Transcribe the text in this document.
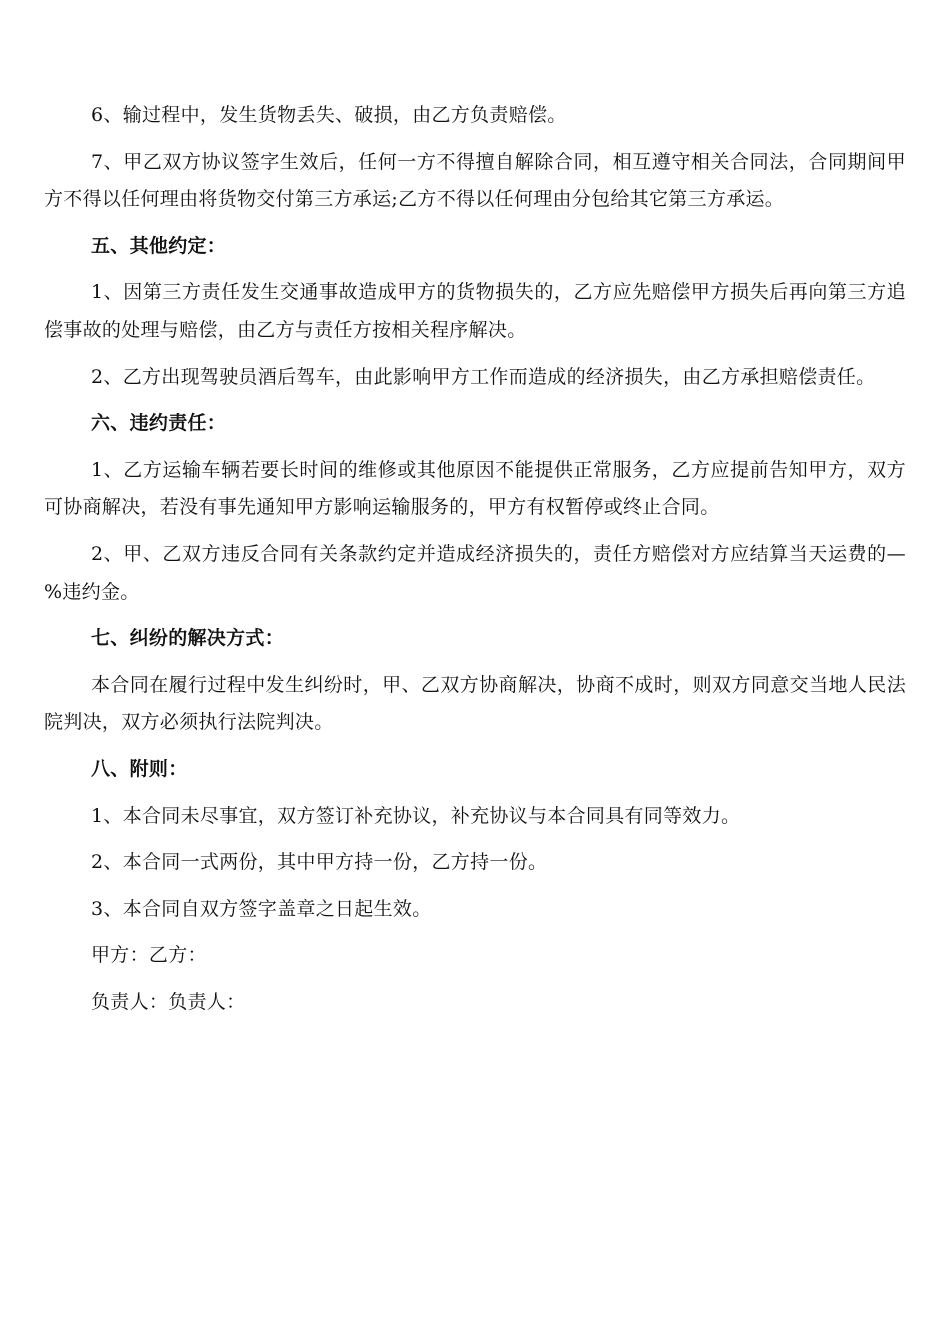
6、输过程中，发生货物丢失、破损，由乙方负责赔偿。

7、甲乙双方协议签字生效后，任何一方不得擅自解除合同，相互遵守相关合同法，合同期间甲方不得以任何理由将货物交付第三方承运;乙方不得以任何理由分包给其它第三方承运。

五、其他约定：

1、因第三方责任发生交通事故造成甲方的货物损失的，乙方应先赔偿甲方损失后再向第三方追偿事故的处理与赔偿，由乙方与责任方按相关程序解决。

2、乙方出现驾驶员酒后驾车，由此影响甲方工作而造成的经济损失，由乙方承担赔偿责任。

六、违约责任：

1、乙方运输车辆若要长时间的维修或其他原因不能提供正常服务，乙方应提前告知甲方，双方可协商解决，若没有事先通知甲方影响运输服务的，甲方有权暂停或终止合同。

2、甲、乙双方违反合同有关条款约定并造成经济损失的，责任方赔偿对方应结算当天运费的—%违约金。

七、纠纷的解决方式：

本合同在履行过程中发生纠纷时，甲、乙双方协商解决，协商不成时，则双方同意交当地人民法院判决，双方必须执行法院判决。

八、附则：

1、本合同未尽事宜，双方签订补充协议，补充协议与本合同具有同等效力。

2、本合同一式两份，其中甲方持一份，乙方持一份。

3、本合同自双方签字盖章之日起生效。

甲方：乙方：

负责人：负责人：
